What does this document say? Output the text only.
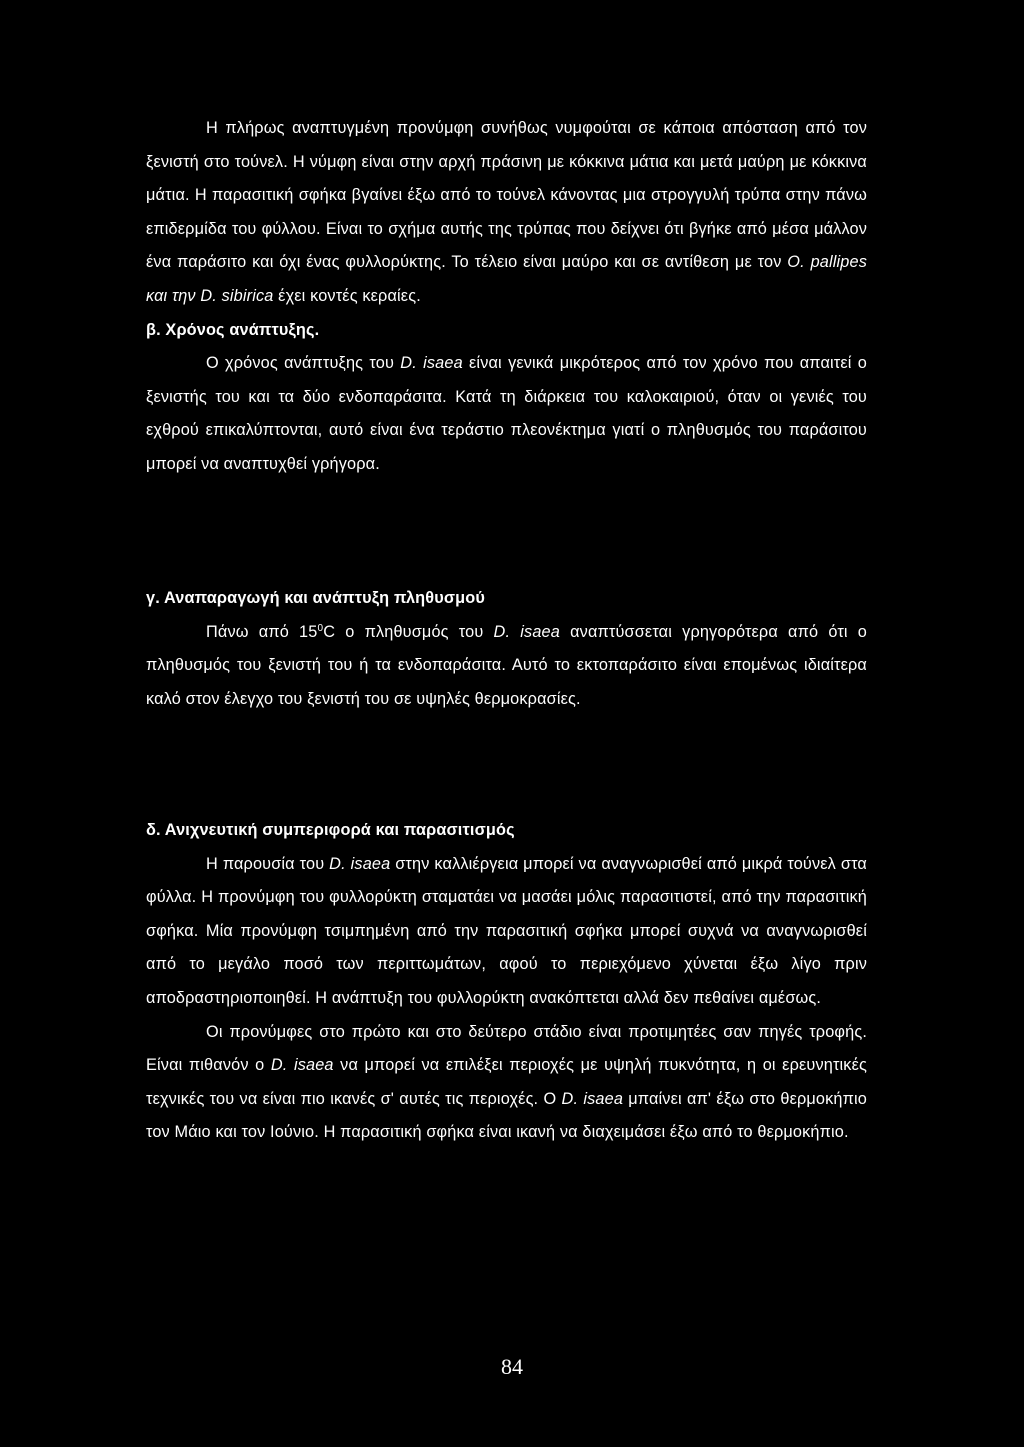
Η πλήρως αναπτυγμένη προνύμφη συνήθως νυμφούται σε κάποια απόσταση από τον ξενιστή στο τούνελ. Η νύμφη είναι στην αρχή πράσινη με κόκκινα μάτια και μετά μαύρη με κόκκινα μάτια. Η παρασιτική σφήκα βγαίνει έξω από το τούνελ κάνοντας μια στρογγυλή τρύπα στην πάνω επιδερμίδα του φύλλου. Είναι το σχήμα αυτής της τρύπας που δείχνει ότι βγήκε από μέσα μάλλον ένα παράσιτο και όχι ένας φυλλορύκτης. Το τέλειο είναι μαύρο και σε αντίθεση με τον O. pallipes και την D. sibirica έχει κοντές κεραίες.

β. Χρόνος ανάπτυξης.

Ο χρόνος ανάπτυξης του D. isaea είναι γενικά μικρότερος από τον χρόνο που απαιτεί ο ξενιστής του και τα δύο ενδοπαράσιτα. Κατά τη διάρκεια του καλοκαιριού, όταν οι γενιές του εχθρού επικαλύπτονται, αυτό είναι ένα τεράστιο πλεονέκτημα γιατί ο πληθυσμός του παράσιτου μπορεί να αναπτυχθεί γρήγορα.

γ. Αναπαραγωγή και ανάπτυξη πληθυσμού

Πάνω από $15^0C$ ο πληθυσμός του D. isaea αναπτύσσεται γρηγορότερα από ότι ο πληθυσμός του ξενιστή του ή τα ενδοπαράσιτα. Αυτό το εκτοπαράσιτο είναι επομένως ιδιαίτερα καλό στον έλεγχο του ξενιστή του σε υψηλές θερμοκρασίες.

δ. Ανιχνευτική συμπεριφορά και παρασιτισμός

Η παρουσία του D. isaea στην καλλιέργεια μπορεί να αναγνωρισθεί από μικρά τούνελ στα φύλλα. Η προνύμφη του φυλλορύκτη σταματάει να μασάει μόλις παρασιτιστεί, από την παρασιτική σφήκα. Μία προνύμφη τσιμπημένη από την παρασιτική σφήκα μπορεί συχνά να αναγνωρισθεί από το μεγάλο ποσό των περιττωμάτων, αφού το περιεχόμενο χύνεται έξω λίγο πριν αποδραστηριοποιηθεί. Η ανάπτυξη του φυλλορύκτη ανακόπτεται αλλά δεν πεθαίνει αμέσως.

Οι προνύμφες στο πρώτο και στο δεύτερο στάδιο είναι προτιμητέες σαν πηγές τροφής. Είναι πιθανόν ο D. isaea να μπορεί να επιλέξει περιοχές με υψηλή πυκνότητα, η οι ερευνητικές τεχνικές του να είναι πιο ικανές σ' αυτές τις περιοχές. Ο D. isaea μπαίνει απ' έξω στο θερμοκήπιο τον Μάιο και τον Ιούνιο. Η παρασιτική σφήκα είναι ικανή να διαχειμάσει έξω από το θερμοκήπιο.

84
